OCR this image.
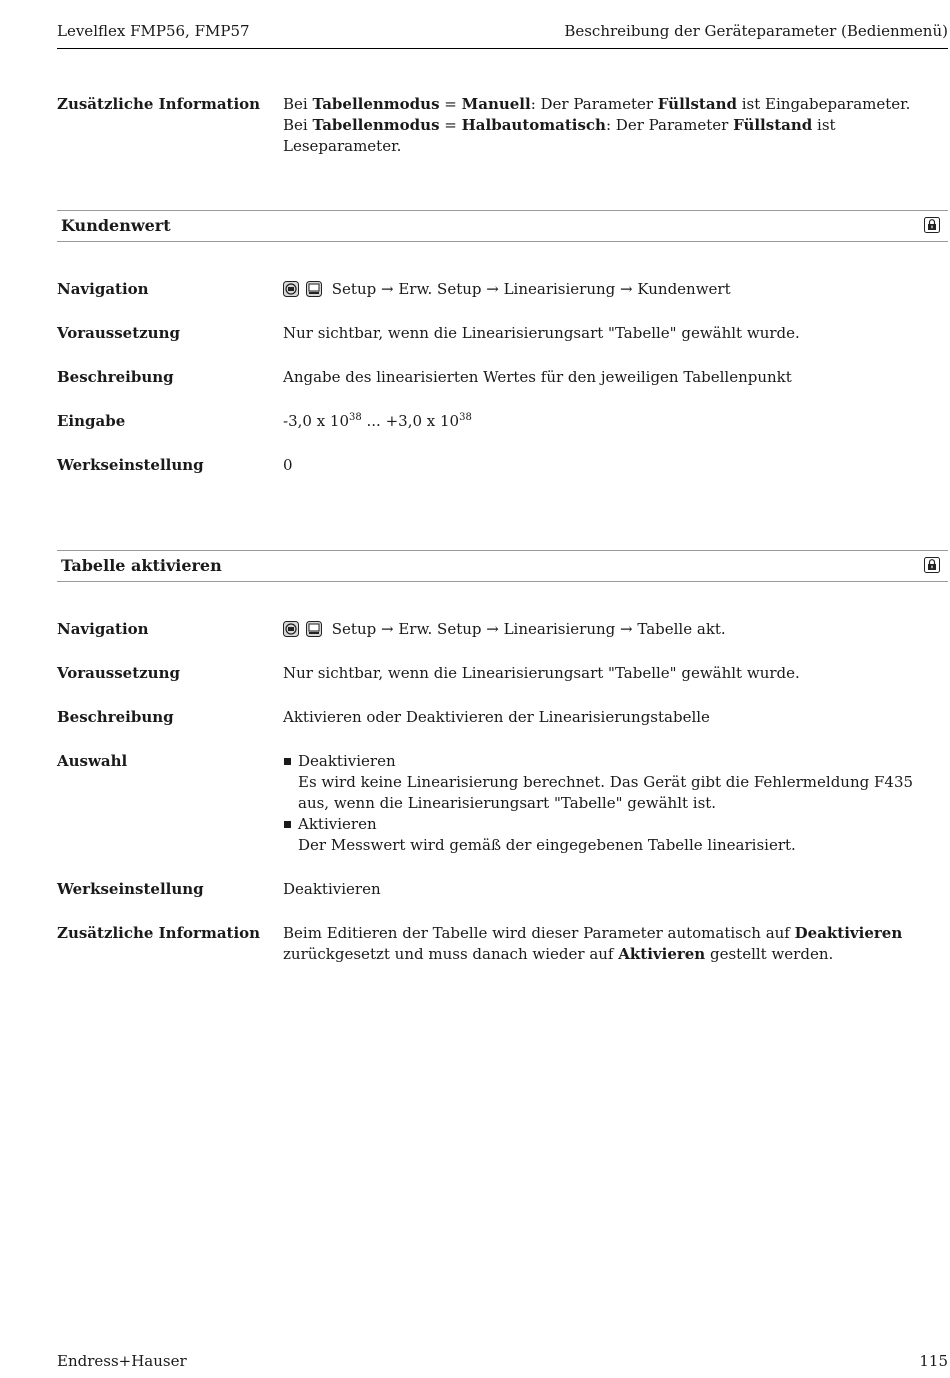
Levelflex FMP56, FMP57	Beschreibung der Geräteparameter (Bedienmenü)
Zusätzliche Information	Bei Tabellenmodus = Manuell: Der Parameter Füllstand ist Eingabeparameter.
Bei Tabellenmodus = Halbautomatisch: Der Parameter Füllstand ist Leseparameter.
Kundenwert
Navigation	Setup → Erw. Setup → Linearisierung → Kundenwert
Voraussetzung	Nur sichtbar, wenn die Linearisierungsart "Tabelle" gewählt wurde.
Beschreibung	Angabe des linearisierten Wertes für den jeweiligen Tabellenpunkt
Eingabe	-3,0 x $10^{38}$ ... +3,0 x $10^{38}$
Werkseinstellung	0
Tabelle aktivieren
Navigation	Setup → Erw. Setup → Linearisierung → Tabelle akt.
Voraussetzung	Nur sichtbar, wenn die Linearisierungsart "Tabelle" gewählt wurde.
Beschreibung	Aktivieren oder Deaktivieren der Linearisierungstabelle
Auswahl	Deaktivieren
Es wird keine Linearisierung berechnet. Das Gerät gibt die Fehlermeldung F435 aus, wenn die Linearisierungsart "Tabelle" gewählt ist.
Aktivieren
Der Messwert wird gemäß der eingegebenen Tabelle linearisiert.
Werkseinstellung	Deaktivieren
Zusätzliche Information	Beim Editieren der Tabelle wird dieser Parameter automatisch auf Deaktivieren zurückgesetzt und muss danach wieder auf Aktivieren gestellt werden.
Endress+Hauser	115
